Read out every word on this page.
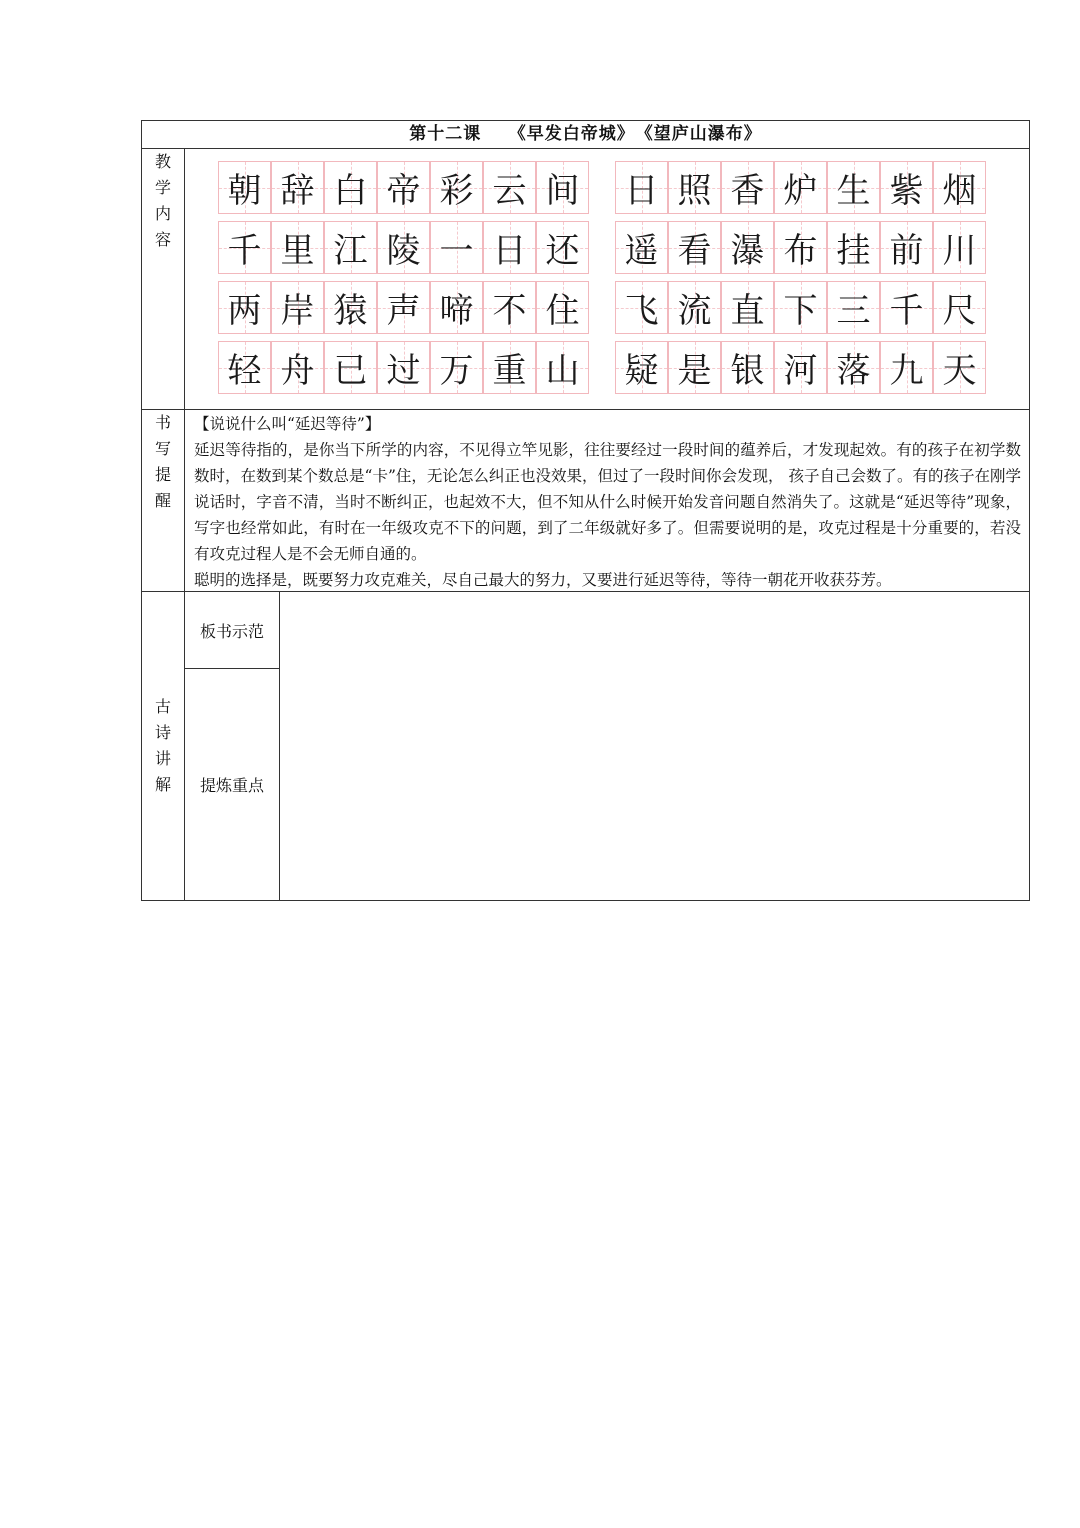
第十二课　　《早发白帝城》　《望庐山瀑布》
教
学
内
容
朝 辞 白 帝 彩 云 间
千 里 江 陵 一 日 还
两 岸 猿 声 啼 不 住
轻 舟 已 过 万 重 山
日 照 香 炉 生 紫 烟
遥 看 瀑 布 挂 前 川
飞 流 直 下 三 千 尺
疑 是 银 河 落 九 天
书
写
提
醒

【说说什么叫“延迟等待”】

延迟等待指的，是你当下所学的内容，不见得立竿见影，往往要经过一段时间的蕴养后，才发现起效。有的孩子在初学数数时，在数到某个数总是“卡”住，无论怎么纠正也没效果，但过了一段时间你会发现， 孩子自己会数了。有的孩子在刚学说话时，字音不清，当时不断纠正，也起效不大，但不知从什么时候开始发音问题自然消失了。这就是“延迟等待”现象，写字也经常如此，有时在一年级攻克不下的问题，到了二年级就好多了。但需要说明的是，攻克过程是十分重要的，若没有攻克过程人是不会无师自通的。

聪明的选择是，既要努力攻克难关，尽自己最大的努力，又要进行延迟等待，等待一朝花开收获芬芳。

古
诗
讲
解
板书示范
提炼重点
